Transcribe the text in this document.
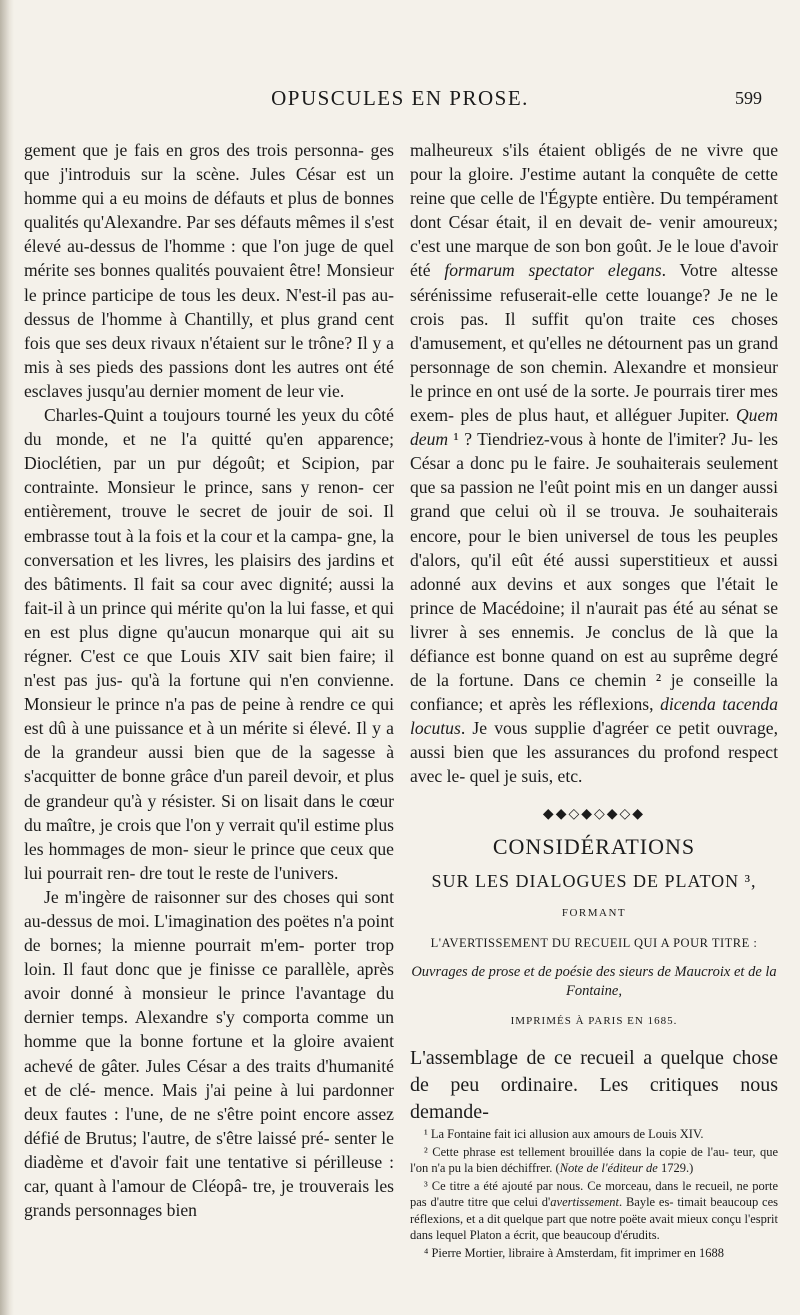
OPUSCULES EN PROSE.	599

gement que je fais en gros des trois personna- ges que j'introduis sur la scène. Jules César est un homme qui a eu moins de défauts et plus de bonnes qualités qu'Alexandre. Par ses défauts mêmes il s'est élevé au-dessus de l'homme : que l'on juge de quel mérite ses bonnes qualités pouvaient être! Monsieur le prince participe de tous les deux. N'est-il pas au-dessus de l'homme à Chantilly, et plus grand cent fois que ses deux rivaux n'étaient sur le trône? Il y a mis à ses pieds des passions dont les autres ont été esclaves jusqu'au dernier moment de leur vie.

Charles-Quint a toujours tourné les yeux du côté du monde, et ne l'a quitté qu'en apparence; Dioclétien, par un pur dégoût; et Scipion, par contrainte. Monsieur le prince, sans y renon- cer entièrement, trouve le secret de jouir de soi. Il embrasse tout à la fois et la cour et la campa- gne, la conversation et les livres, les plaisirs des jardins et des bâtiments. Il fait sa cour avec dignité; aussi la fait-il à un prince qui mérite qu'on la lui fasse, et qui en est plus digne qu'aucun monarque qui ait su régner. C'est ce que Louis XIV sait bien faire; il n'est pas jus- qu'à la fortune qui n'en convienne. Monsieur le prince n'a pas de peine à rendre ce qui est dû à une puissance et à un mérite si élevé. Il y a de la grandeur aussi bien que de la sagesse à s'acquitter de bonne grâce d'un pareil devoir, et plus de grandeur qu'à y résister. Si on lisait dans le cœur du maître, je crois que l'on y verrait qu'il estime plus les hommages de mon- sieur le prince que ceux que lui pourrait ren- dre tout le reste de l'univers.

Je m'ingère de raisonner sur des choses qui sont au-dessus de moi. L'imagination des poëtes n'a point de bornes; la mienne pourrait m'em- porter trop loin. Il faut donc que je finisse ce parallèle, après avoir donné à monsieur le prince l'avantage du dernier temps. Alexandre s'y comporta comme un homme que la bonne fortune et la gloire avaient achevé de gâter. Jules César a des traits d'humanité et de clé- mence. Mais j'ai peine à lui pardonner deux fautes : l'une, de ne s'être point encore assez défié de Brutus; l'autre, de s'être laissé pré- senter le diadème et d'avoir fait une tentative si périlleuse : car, quant à l'amour de Cléopâ- tre, je trouverais les grands personnages bien

malheureux s'ils étaient obligés de ne vivre que pour la gloire. J'estime autant la conquête de cette reine que celle de l'Égypte entière. Du tempérament dont César était, il en devait de- venir amoureux; c'est une marque de son bon goût. Je le loue d'avoir été formarum spectator elegans. Votre altesse sérénissime refuserait-elle cette louange? Je ne le crois pas. Il suffit qu'on traite ces choses d'amusement, et qu'elles ne détournent pas un grand personnage de son chemin. Alexandre et monsieur le prince en ont usé de la sorte. Je pourrais tirer mes exem- ples de plus haut, et alléguer Jupiter. Quem deum ¹ ? Tiendriez-vous à honte de l'imiter? Ju- les César a donc pu le faire. Je souhaiterais seulement que sa passion ne l'eût point mis en un danger aussi grand que celui où il se trouva. Je souhaiterais encore, pour le bien universel de tous les peuples d'alors, qu'il eût été aussi superstitieux et aussi adonné aux devins et aux songes que l'était le prince de Macédoine; il n'aurait pas été au sénat se livrer à ses ennemis. Je conclus de là que la défiance est bonne quand on est au suprême degré de la fortune. Dans ce chemin ² je conseille la confiance; et après les réflexions, dicenda tacenda locutus. Je vous supplie d'agréer ce petit ouvrage, aussi bien que les assurances du profond respect avec le- quel je suis, etc.

◆◆◇◆◇◆◇◆
CONSIDÉRATIONS
SUR LES DIALOGUES DE PLATON ³,
FORMANT
L'AVERTISSEMENT DU RECUEIL QUI A POUR TITRE :
Ouvrages de prose et de poésie des sieurs de Maucroix et de la Fontaine,
IMPRIMÉS À PARIS EN 1685.

L'assemblage de ce recueil a quelque chose de peu ordinaire. Les critiques nous demande-

¹ La Fontaine fait ici allusion aux amours de Louis XIV.

² Cette phrase est tellement brouillée dans la copie de l'au- teur, que l'on n'a pu la bien déchiffrer. (Note de l'éditeur de 1729.)

³ Ce titre a été ajouté par nous. Ce morceau, dans le recueil, ne porte pas d'autre titre que celui d'avertissement. Bayle es- timait beaucoup ces réflexions, et a dit quelque part que notre poëte avait mieux conçu l'esprit dans lequel Platon a écrit, que beaucoup d'érudits.

⁴ Pierre Mortier, libraire à Amsterdam, fit imprimer en 1688
